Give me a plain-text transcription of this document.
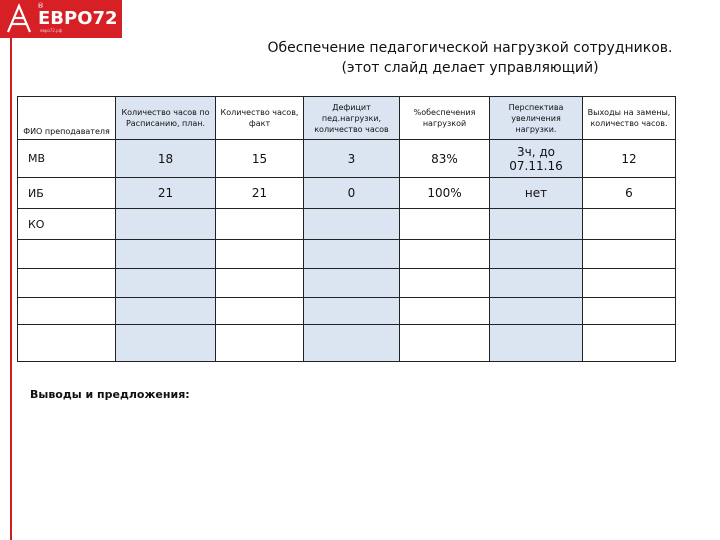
®
ЕВРО72
евро72.рф
Обеспечение педагогической нагрузкой сотрудников.
(этот слайд делает управляющий)
ФИО преподавателя	Количество часов по Расписанию, план.	Количество часов, факт	Дефицит пед.нагрузки, количество часов	%обеспечения нагрузкой	Перспектива увеличения нагрузки.	Выходы на замены, количество часов.
МВ	18	15	3	83%	3ч, до 07.11.16	12
ИБ	21	21	0	100%	нет	6
КО						

Выводы и предложения:
